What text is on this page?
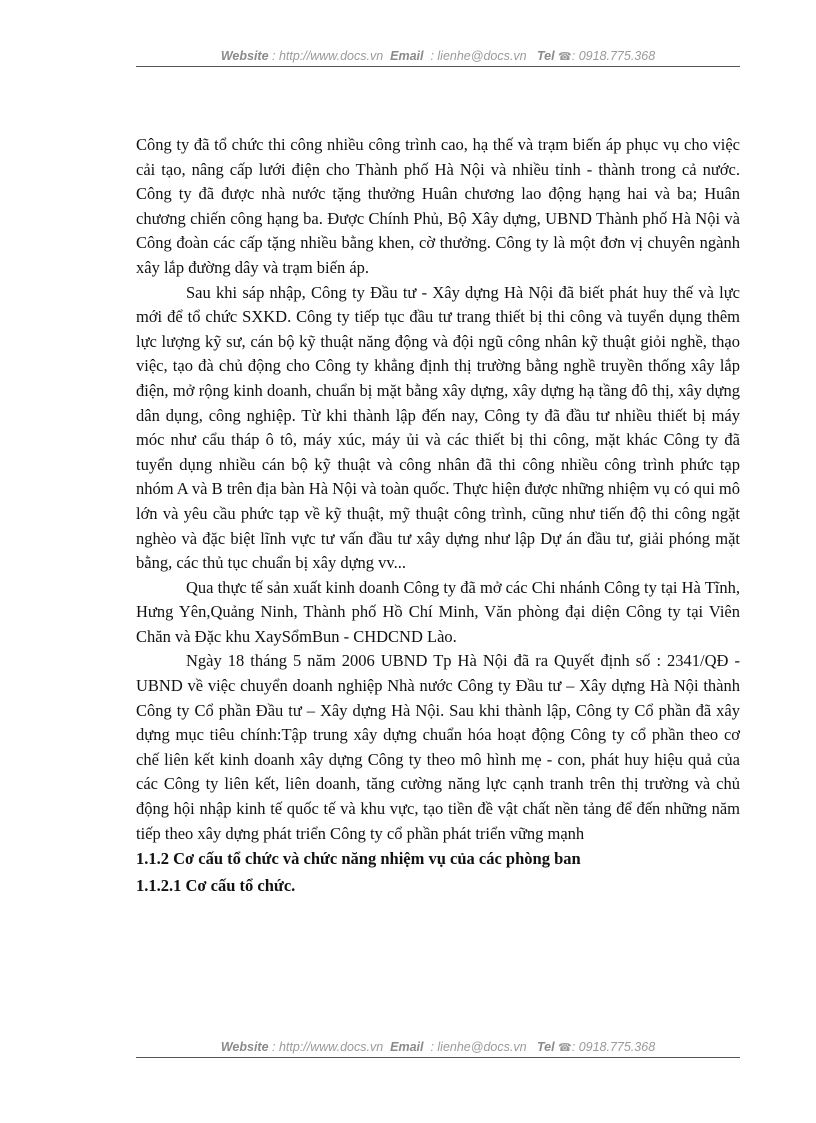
Website : http://www.docs.vn Email : lienhe@docs.vn Tel ☎: 0918.775.368

Công ty đã tổ chức thi công nhiều công trình cao, hạ thế và trạm biến áp phục vụ cho việc cải tạo, nâng cấp lưới điện cho Thành phố Hà Nội và nhiều tỉnh - thành trong cả nước. Công ty đã được nhà nước tặng thưởng Huân chương lao động hạng hai và ba; Huân chương chiến công hạng ba. Được Chính Phủ, Bộ Xây dựng, UBND Thành phố Hà Nội và Công đoàn các cấp tặng nhiều bằng khen, cờ thưởng. Công ty là một đơn vị chuyên ngành xây lắp đường dây và trạm biến áp.

Sau khi sáp nhập, Công ty Đầu tư - Xây dựng Hà Nội đã biết phát huy thế và lực mới để tổ chức SXKD. Công ty tiếp tục đầu tư trang thiết bị thi công và tuyển dụng thêm lực lượng kỹ sư, cán bộ kỹ thuật năng động và đội ngũ công nhân kỹ thuật giỏi nghề, thạo việc, tạo đà chủ động cho Công ty khẳng định thị trường bằng nghề truyền thống xây lắp điện, mở rộng kinh doanh, chuẩn bị mặt bằng xây dựng, xây dựng hạ tầng đô thị, xây dựng dân dụng, công nghiệp. Từ khi thành lập đến nay, Công ty đã đầu tư nhiều thiết bị máy móc như cẩu tháp ô tô, máy xúc, máy ủi và các thiết bị thi công, mặt khác Công ty đã tuyển dụng nhiều cán bộ kỹ thuật và công nhân đã thi công nhiều công trình phức tạp nhóm A và B trên địa bàn Hà Nội và toàn quốc. Thực hiện được những nhiệm vụ có qui mô lớn và yêu cầu phức tạp về kỹ thuật, mỹ thuật công trình, cũng như tiến độ thi công ngặt nghèo và đặc biệt lĩnh vực tư vấn đầu tư xây dựng như lập Dự án đầu tư, giải phóng mặt bằng, các thủ tục chuẩn bị xây dựng vv...

Qua thực tế sản xuất kinh doanh Công ty đã mở các Chi nhánh Công ty tại Hà Tĩnh, Hưng Yên,Quảng Ninh, Thành phố Hồ Chí Minh, Văn phòng đại diện Công ty tại Viên Chăn và Đặc khu XaySổmBun - CHDCND Lào.

Ngày 18 tháng 5 năm 2006 UBND Tp Hà Nội đã ra Quyết định số : 2341/QĐ - UBND về việc chuyển doanh nghiệp Nhà nước Công ty Đầu tư – Xây dựng Hà Nội thành Công ty Cổ phần Đầu tư – Xây dựng Hà Nội. Sau khi thành lập, Công ty Cổ phần đã xây dựng mục tiêu chính:Tập trung xây dựng chuẩn hóa hoạt động Công ty cổ phần theo cơ chế liên kết kinh doanh xây dựng Công ty theo mô hình mẹ - con, phát huy hiệu quả của các Công ty liên kết, liên doanh, tăng cường năng lực cạnh tranh trên thị trường và chủ động hội nhập kinh tế quốc tế và khu vực, tạo tiền đề vật chất nền tảng để đến những năm tiếp theo xây dựng phát triển Công ty cổ phần phát triển vững mạnh

1.1.2 Cơ cấu tổ chức và chức năng nhiệm vụ của các phòng ban
1.1.2.1 Cơ cấu tổ chức.
Website : http://www.docs.vn Email : lienhe@docs.vn Tel ☎: 0918.775.368
